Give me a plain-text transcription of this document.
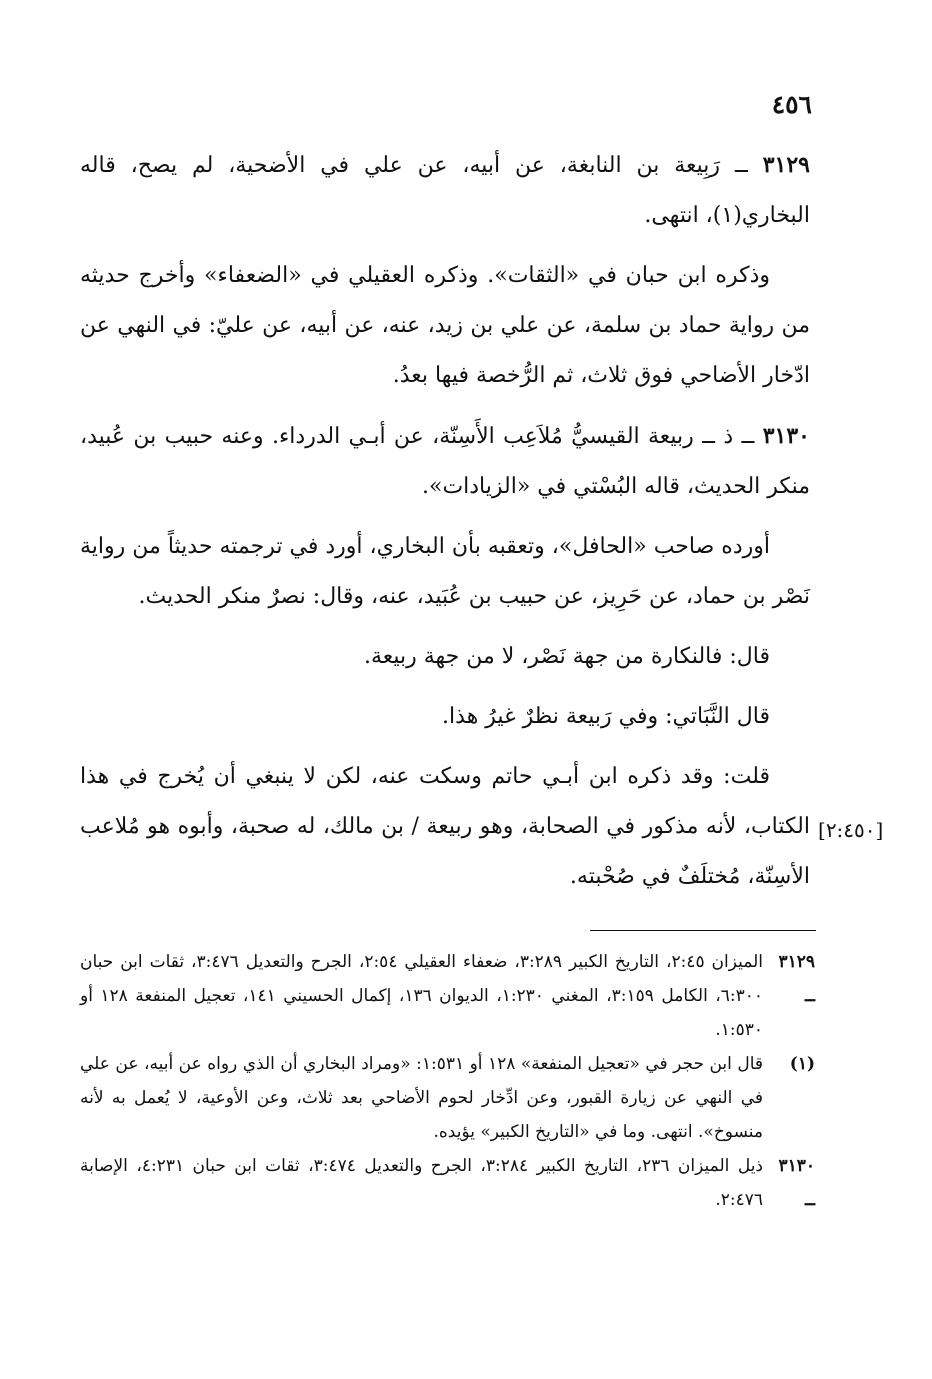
٤٥٦

٣١٢٩ ــ رَبِيعة بن النابغة، عن أبيه، عن علي في الأضحية، لم يصح، قاله البخاري(١)، انتهى.

وذكره ابن حبان في «الثقات». وذكره العقيلي في «الضعفاء» وأخرج حديثه من رواية حماد بن سلمة، عن علي بن زيد، عنه، عن أبيه، عن عليّ: في النهي عن ادّخار الأضاحي فوق ثلاث، ثم الرُّخصة فيها بعدُ.

٣١٣٠ ــ ذ ــ ربيعة القيسيُّ مُلاَعِب الأَسِنّة، عن أبـي الدرداء. وعنه حبيب بن عُبيد، منكر الحديث، قاله البُسْتي في «الزيادات».

أورده صاحب «الحافل»، وتعقبه بأن البخاري، أورد في ترجمته حديثاً من رواية نَصْر بن حماد، عن حَرِيز، عن حبيب بن عُبَيد، عنه، وقال: نصرٌ منكر الحديث.

قال: فالنكارة من جهة نَصْر، لا من جهة ربيعة.

قال النَّبَاتي: وفي رَبيعة نظرٌ غيرُ هذا.

قلت: وقد ذكره ابن أبـي حاتم وسكت عنه، لكن لا ينبغي أن يُخرج في هذا الكتاب، لأنه مذكور في الصحابة، وهو ربيعة / بن مالك، له صحبة، وأبوه هو مُلاعب الأسِنّة، مُختلَفٌ في صُحْبته.

[٢:٤٥٠]
٣١٢٩ ــ
الميزان ٢:٤٥، التاريخ الكبير ٣:٢٨٩، ضعفاء العقيلي ٢:٥٤، الجرح والتعديل ٣:٤٧٦، ثقات ابن حبان ٦:٣٠٠، الكامل ٣:١٥٩، المغني ١:٢٣٠، الديوان ١٣٦، إكمال الحسيني ١٤١، تعجيل المنفعة ١٢٨ أو ١:٥٣٠.
(١)
قال ابن حجر في «تعجيل المنفعة» ١٢٨ أو ١:٥٣١: «ومراد البخاري أن الذي رواه عن أبيه، عن علي في النهي عن زيارة القبور، وعن ادِّخار لحوم الأضاحي بعد ثلاث، وعن الأوعية، لا يُعمل به لأنه منسوخ». انتهى. وما في «التاريخ الكبير» يؤيده.
٣١٣٠ ــ
ذيل الميزان ٢٣٦، التاريخ الكبير ٣:٢٨٤، الجرح والتعديل ٣:٤٧٤، ثقات ابن حبان ٤:٢٣١، الإصابة ٢:٤٧٦.
